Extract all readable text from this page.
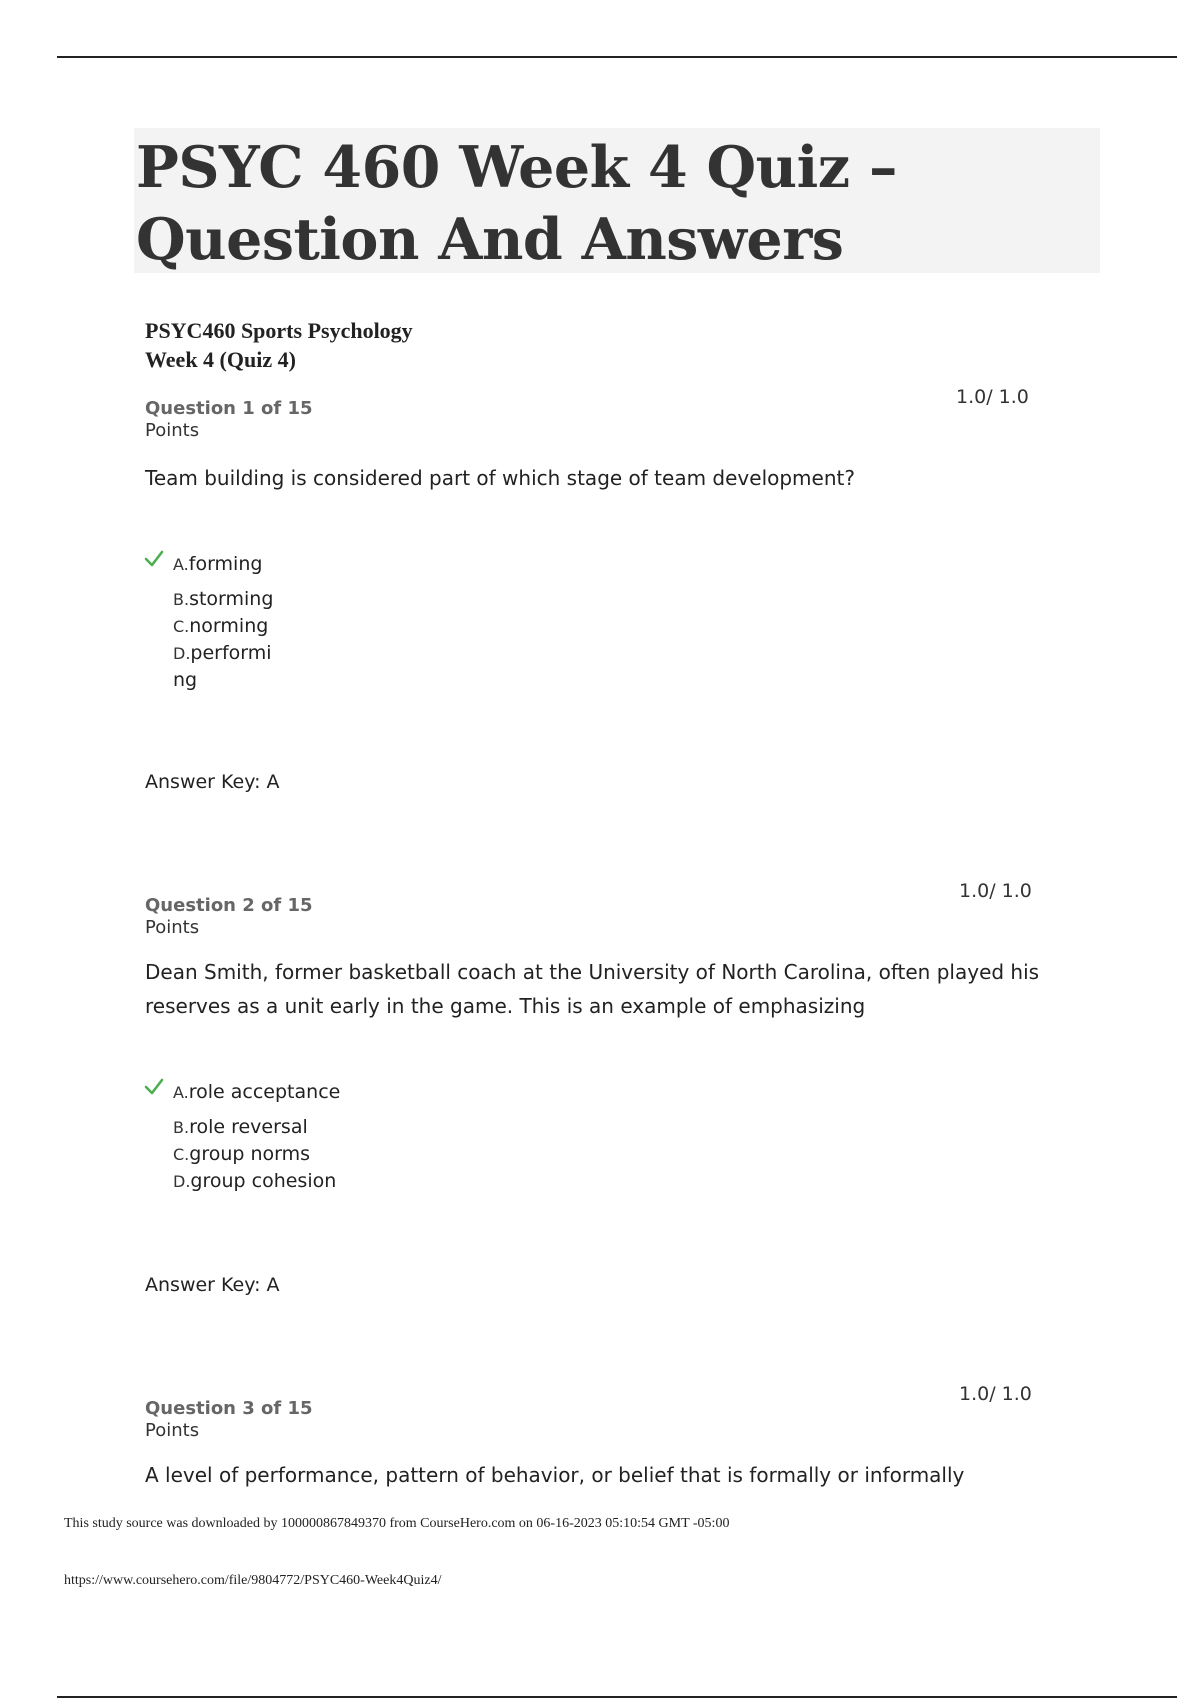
PSYC 460 Week 4 Quiz – Question And Answers
PSYC460 Sports Psychology
Week 4 (Quiz 4)
Question 1 of 15
Points
1.0/ 1.0
Team building is considered part of which stage of team development?
A.forming
B.storming
C.norming
D.performi
ng
Answer Key: A
Question 2 of 15
Points
1.0/ 1.0
Dean Smith, former basketball coach at the University of North Carolina, often played his reserves as a unit early in the game. This is an example of emphasizing
A.role acceptance
B.role reversal
C.group norms
D.group cohesion
Answer Key: A
Question 3 of 15
Points
1.0/ 1.0
A level of performance, pattern of behavior, or belief that is formally or informally
This study source was downloaded by 100000867849370 from CourseHero.com on 06-16-2023 05:10:54 GMT -05:00
https://www.coursehero.com/file/9804772/PSYC460-Week4Quiz4/
